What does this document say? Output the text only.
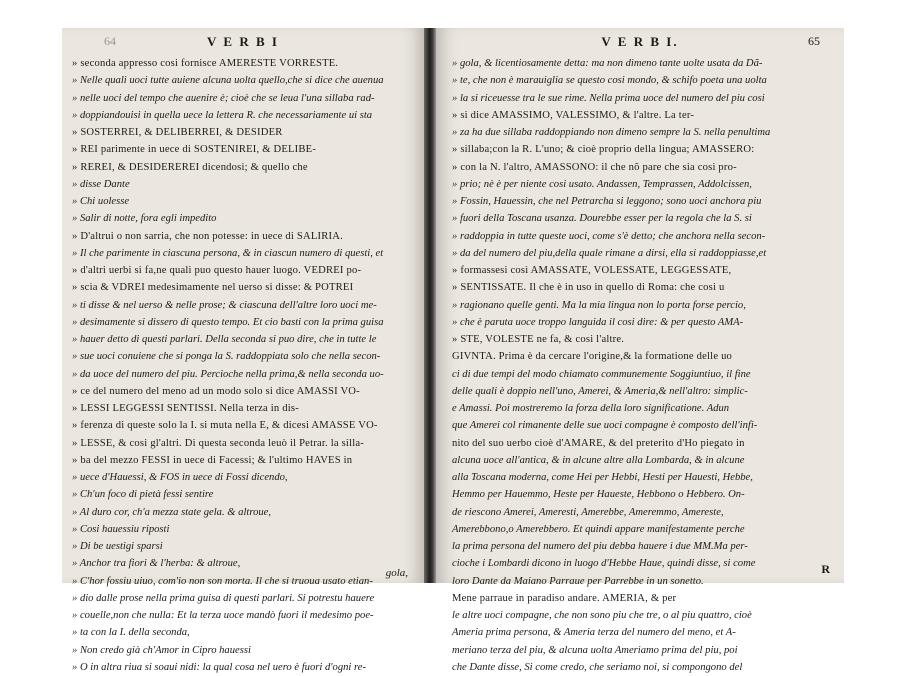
64	V E R B I
» seconda appresso cosi fornisce AMERESTE VORRESTE.
» Nelle quali uoci tutte auiene alcuna uolta quello,che si dice che auenua
» nelle uoci del tempo che auenire è; cioè che se leua l'una sillaba rad-
» doppiandouisi in quella uece la lettera R. che necessariamente ui sta
» SOSTERREI, & DELIBERREI, & DESIDER
» REI parimente in uece di SOSTENIREI, & DELIBE-
» REREI, & DESIDEREREI dicendosi; & quello che
» disse Dante
» Chi uolesse
» Salir di notte, fora egli impedito
» D'altrui o non sarria, che non potesse: in uece di SALIRIA.
» Il che parimente in ciascuna persona, & in ciascun numero di questi, et
» d'altri uerbi si fa,ne quali puo questo hauer luogo. VEDREI po-
» scia & VDREI medesimamente nel uerso si disse: & POTREI
» ti disse & nel uerso & nelle prose; & ciascuna dell'altre loro uoci me-
» desimamente si dissero di questo tempo. Et cio basti con la prima guisa
» hauer detto di questi parlari. Della seconda si puo dire, che in tutte le
» sue uoci conuiene che si ponga la S. raddoppiata solo che nella secon-
» da uoce del numero del piu. Percioche nella prima,& nella seconda uo-
» ce del numero del meno ad un modo solo si dice AMASSI VO-
» LESSI LEGGESSI SENTISSI. Nella terza in dis-
» ferenza di queste solo la I. si muta nella E, & dicesi AMASSE VO-
» LESSE, & cosi gl'altri. Di questa seconda leuò il Petrar. la silla-
» ba del mezzo FESSI in uece di Facessi; & l'ultimo HAVES in
» uece d'Hauessi, & FOS in uece di Fossi dicendo,
» Ch'un foco di pietà fessi sentire
» Al duro cor, ch'a mezza state gela. & altroue,
» Cosi hauessiu riposti
» Di be uestigi sparsi
» Anchor tra fiori & l'herba: & altroue,
» C'hor fossiu uiuo, com'io non son morta. Il che si truoua usato etian-
» dio dalle prose nella prima guisa di questi parlari. Si potrestu hauere
» couelle,non che nulla: Et la terza uoce mandò fuori il medesimo poe-
» ta con la I. della seconda,
» Non credo già ch'Amor in Cipro hauessi
» O in altra riua si soaui nidi: la qual cosa nel uero è fuori d'ogni re-
gola,
V E R B I.	65
» gola, & licentiosamente detta: ma non dimeno tante uolte usata da Dã-
» te, che non è marauiglia se questo cosi mondo, & schifo poeta una uolta
» la si riceuesse tra le sue rime. Nella prima uoce del numero del piu cosi
» si dice AMASSIMO, VALESSIMO, & l'altre. La ter-
» za ha due sillaba raddoppiando non dimeno sempre la S. nella penultima
» sillaba;con la R. L'uno; & cioè proprio della lingua; AMASSERO:
» con la N. l'altro, AMASSONO: il che nõ pare che sia cosi pro-
» prio; nè è per niente cosi usato. Andassen, Temprassen, Addolcissen,
» Fossin, Hauessin, che nel Petrarcha si leggono; sono uoci anchora piu
» fuori della Toscana usanza. Dourebbe esser per la regola che la S. si
» raddoppia in tutte queste uoci, come s'è detto; che anchora nella secon-
» da del numero del piu,della quale rimane a dirsi, ella si raddoppiasse,et
» formassesi così AMASSATE, VOLESSATE, LEGGESSATE,
» SENTISSATE. Il che è in uso in quello di Roma: che cosi u
» ragionano quelle genti. Ma la mia lingua non lo porta forse percio,
» che è paruta uoce troppo languida il cosi dire: & per questo AMA-
» STE, VOLESTE ne fa, & cosi l'altre.
GIVNTA. Prima è da cercare l'origine,& la formatione delle uo
ci di due tempi del modo chiamato communemente Soggiuntiuo, il fine
delle quali è doppio nell'uno, Amerei, & Ameria,& nell'altro: simplic-
e Amassi. Poi mostreremo la forza della loro significatione. Adun
que Amerei col rimanente delle sue uoci compagne è composto dell'infi-
nito del suo uerbo cioè d'AMARE, & del preterito d'Ho piegato in
alcuna uoce all'antica, & in alcune altre alla Lombarda, & in alcune
alla Toscana moderna, come Hei per Hebbi, Hesti per Hauesti, Hebbe,
Hemmo per Hauemmo, Heste per Haueste, Hebbono o Hebbero. On-
de riescono Amerei, Ameresti, Amerebbe, Ameremmo, Amereste,
Amerebbono,o Amerebbero. Et quindi appare manifestamente perche
la prima persona del numero del piu debba hauere i due MM.Ma per-
cioche i Lombardi dicono in luogo d'Hebbe Haue, quindi disse, si come
loro Dante da Maiano Parraue per Parrebbe in un sonetto.
Mene parraue in paradiso andare. AMERIA, & per
le altre uoci compagne, che non sono piu che tre, o al piu quattro, cioè
Ameria prima persona, & Ameria terza del numero del meno, et A-
meriano terza del piu, & alcuna uolta Ameriamo prima del piu, poi
che Dante disse, Si come credo, che seriamo noi, si compongono del
R
